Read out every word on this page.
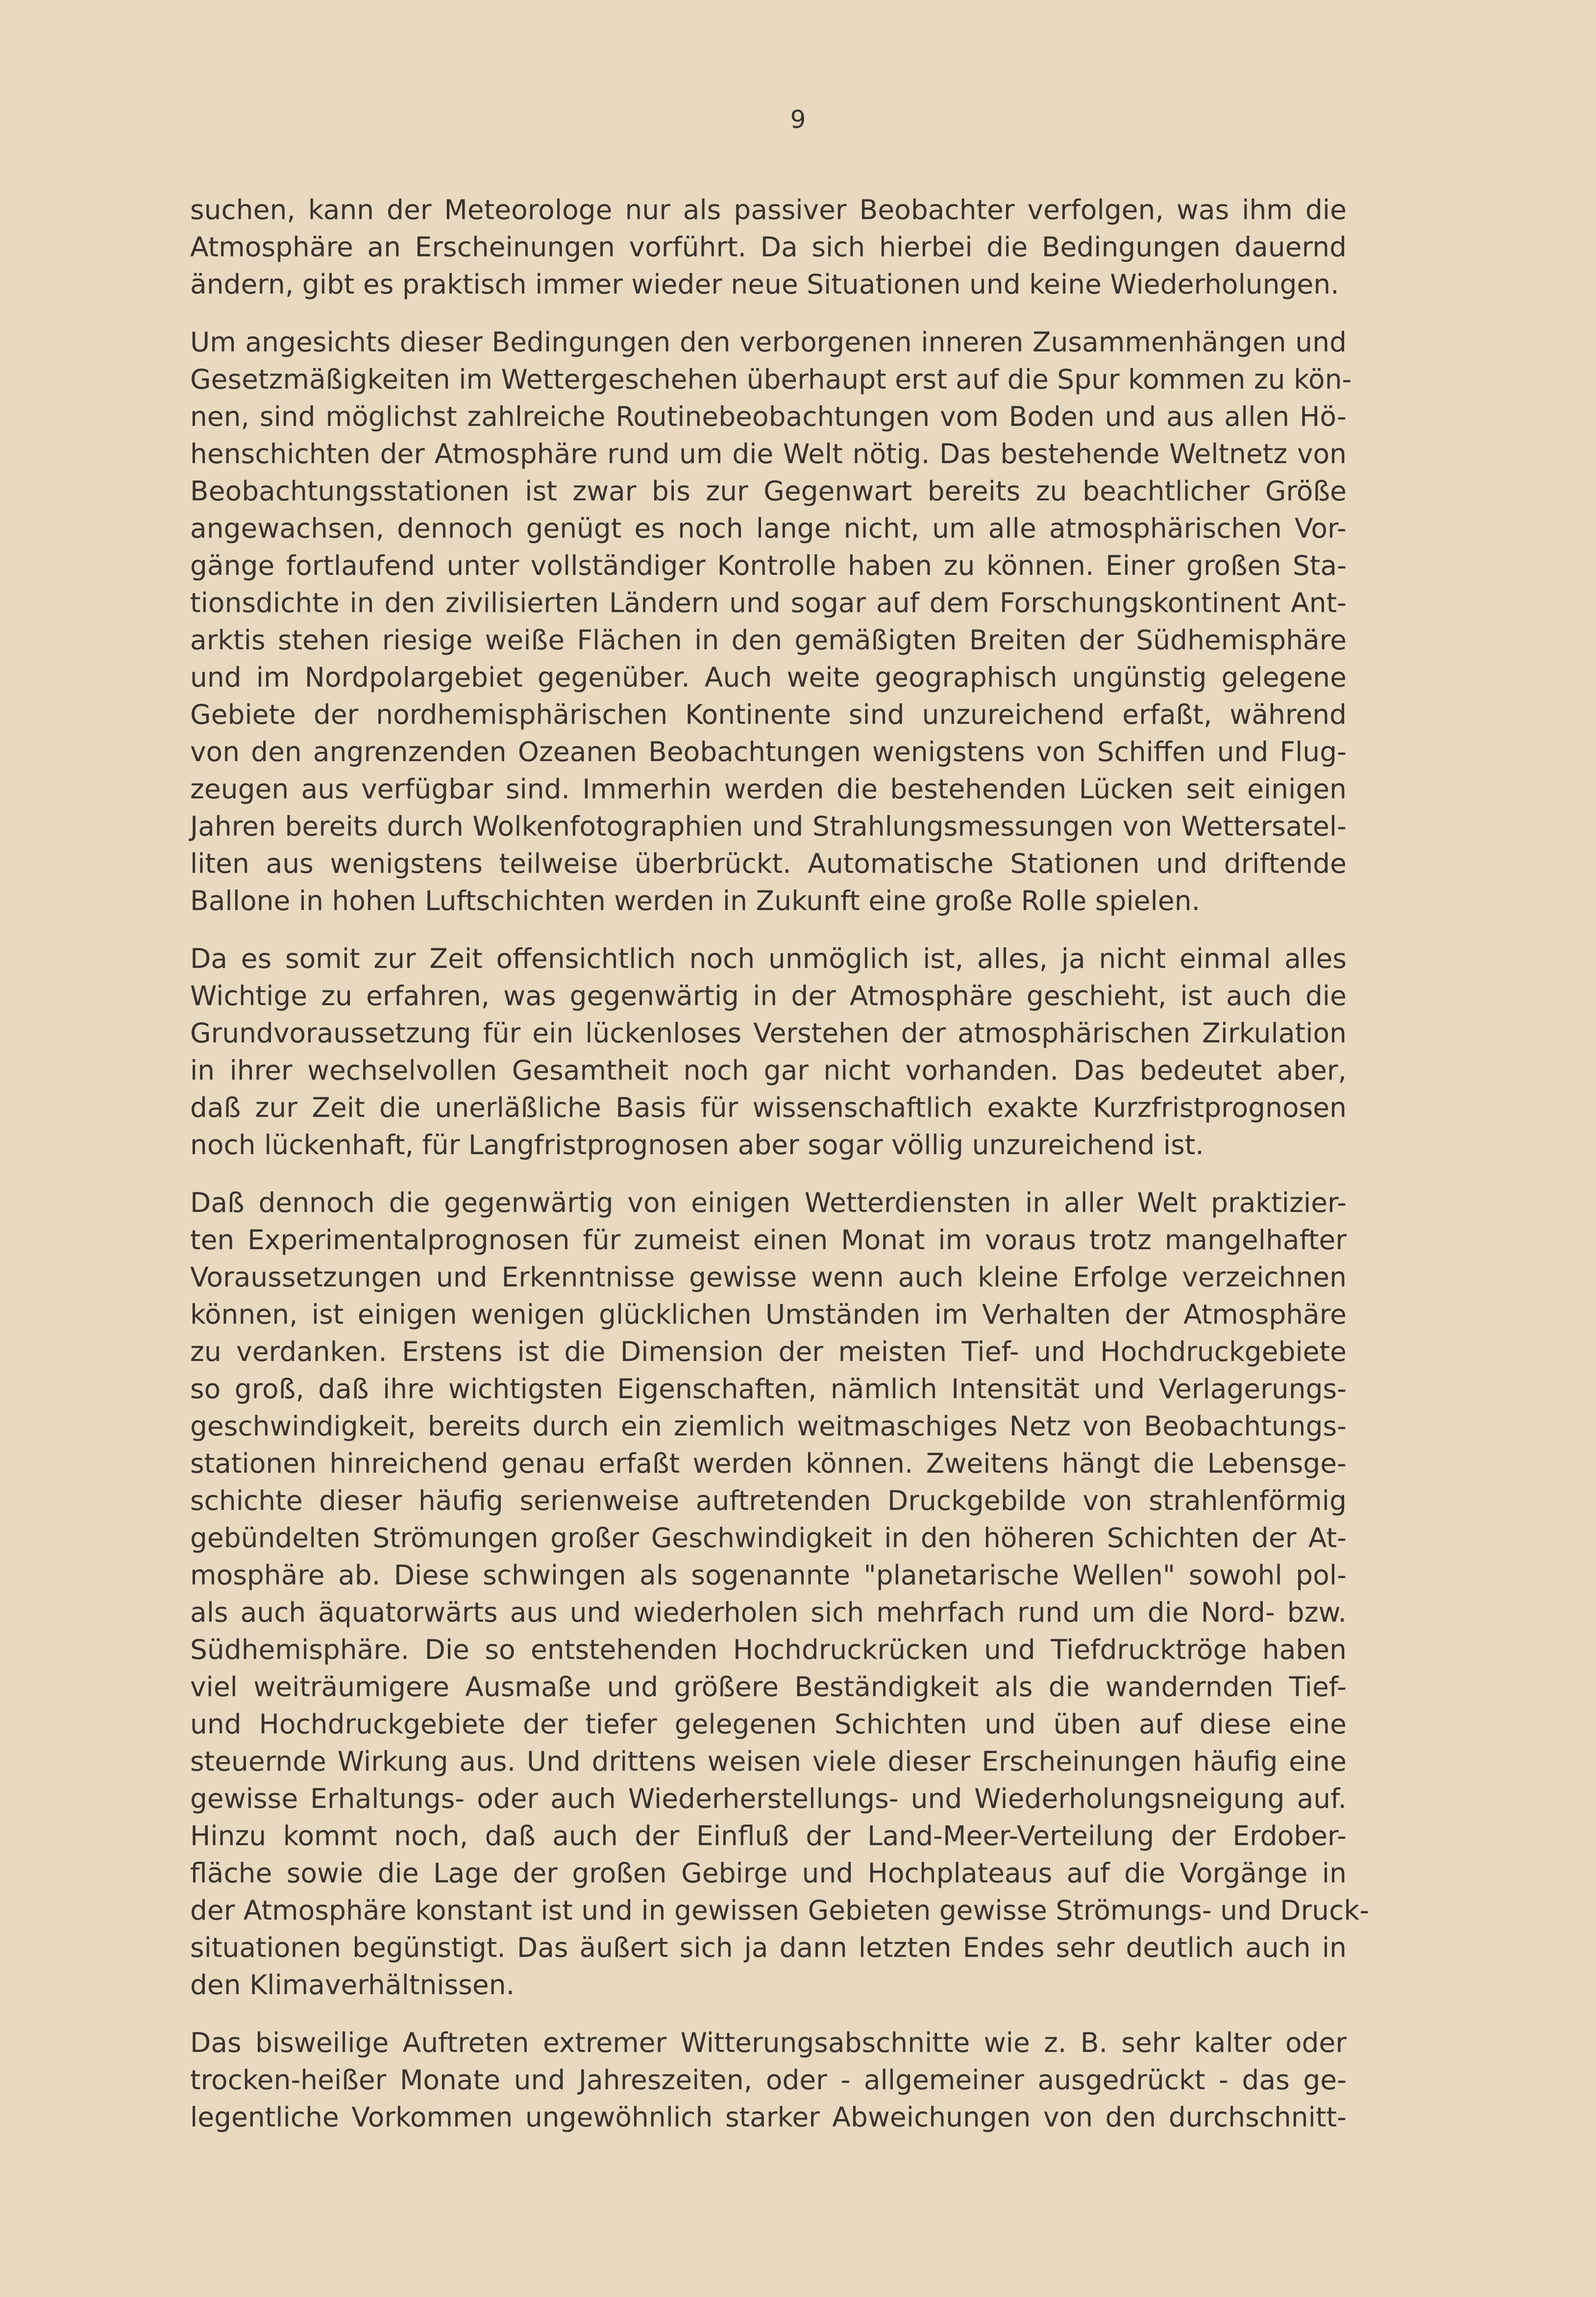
9
suchen, kann der Meteorologe nur als passiver Beobachter verfolgen, was ihm die
Atmosphäre an Erscheinungen vorführt. Da sich hierbei die Bedingungen dauernd
ändern, gibt es praktisch immer wieder neue Situationen und keine Wiederholungen.
Um angesichts dieser Bedingungen den verborgenen inneren Zusammenhängen und
Gesetzmäßigkeiten im Wettergeschehen überhaupt erst auf die Spur kommen zu kön-
nen, sind möglichst zahlreiche Routinebeobachtungen vom Boden und aus allen Hö-
henschichten der Atmosphäre rund um die Welt nötig. Das bestehende Weltnetz von
Beobachtungsstationen ist zwar bis zur Gegenwart bereits zu beachtlicher Größe
angewachsen, dennoch genügt es noch lange nicht, um alle atmosphärischen Vor-
gänge fortlaufend unter vollständiger Kontrolle haben zu können. Einer großen Sta-
tionsdichte in den zivilisierten Ländern und sogar auf dem Forschungskontinent Ant-
arktis stehen riesige weiße Flächen in den gemäßigten Breiten der Südhemisphäre
und im Nordpolargebiet gegenüber. Auch weite geographisch ungünstig gelegene
Gebiete der nordhemisphärischen Kontinente sind unzureichend erfaßt, während
von den angrenzenden Ozeanen Beobachtungen wenigstens von Schiffen und Flug-
zeugen aus verfügbar sind. Immerhin werden die bestehenden Lücken seit einigen
Jahren bereits durch Wolkenfotographien und Strahlungsmessungen von Wettersatel-
liten aus wenigstens teilweise überbrückt. Automatische Stationen und driftende
Ballone in hohen Luftschichten werden in Zukunft eine große Rolle spielen.
Da es somit zur Zeit offensichtlich noch unmöglich ist, alles, ja nicht einmal alles
Wichtige zu erfahren, was gegenwärtig in der Atmosphäre geschieht, ist auch die
Grundvoraussetzung für ein lückenloses Verstehen der atmosphärischen Zirkulation
in ihrer wechselvollen Gesamtheit noch gar nicht vorhanden. Das bedeutet aber,
daß zur Zeit die unerläßliche Basis für wissenschaftlich exakte Kurzfristprognosen
noch lückenhaft, für Langfristprognosen aber sogar völlig unzureichend ist.
Daß dennoch die gegenwärtig von einigen Wetterdiensten in aller Welt praktizier-
ten Experimentalprognosen für zumeist einen Monat im voraus trotz mangelhafter
Voraussetzungen und Erkenntnisse gewisse wenn auch kleine Erfolge verzeichnen
können, ist einigen wenigen glücklichen Umständen im Verhalten der Atmosphäre
zu verdanken. Erstens ist die Dimension der meisten Tief- und Hochdruckgebiete
so groß, daß ihre wichtigsten Eigenschaften, nämlich Intensität und Verlagerungs-
geschwindigkeit, bereits durch ein ziemlich weitmaschiges Netz von Beobachtungs-
stationen hinreichend genau erfaßt werden können. Zweitens hängt die Lebensge-
schichte dieser häufig serienweise auftretenden Druckgebilde von strahlenförmig
gebündelten Strömungen großer Geschwindigkeit in den höheren Schichten der At-
mosphäre ab. Diese schwingen als sogenannte "planetarische Wellen" sowohl pol-
als auch äquatorwärts aus und wiederholen sich mehrfach rund um die Nord- bzw.
Südhemisphäre. Die so entstehenden Hochdruckrücken und Tiefdrucktröge haben
viel weiträumigere Ausmaße und größere Beständigkeit als die wandernden Tief-
und Hochdruckgebiete der tiefer gelegenen Schichten und üben auf diese eine
steuernde Wirkung aus. Und drittens weisen viele dieser Erscheinungen häufig eine
gewisse Erhaltungs- oder auch Wiederherstellungs- und Wiederholungsneigung auf.
Hinzu kommt noch, daß auch der Einfluß der Land-Meer-Verteilung der Erdober-
fläche sowie die Lage der großen Gebirge und Hochplateaus auf die Vorgänge in
der Atmosphäre konstant ist und in gewissen Gebieten gewisse Strömungs- und Druck-
situationen begünstigt. Das äußert sich ja dann letzten Endes sehr deutlich auch in
den Klimaverhältnissen.
Das bisweilige Auftreten extremer Witterungsabschnitte wie z. B. sehr kalter oder
trocken-heißer Monate und Jahreszeiten, oder - allgemeiner ausgedrückt - das ge-
legentliche Vorkommen ungewöhnlich starker Abweichungen von den durchschnitt-
